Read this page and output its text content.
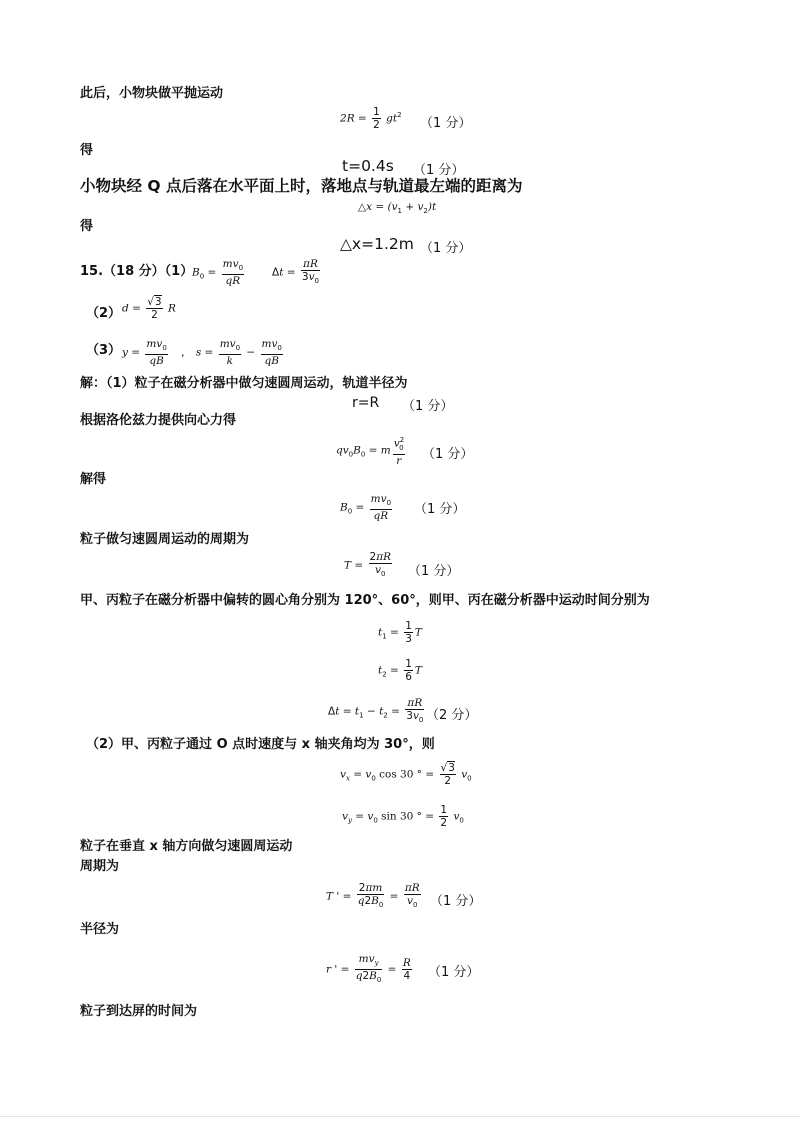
此后，小物块做平抛运动
$2R = \frac{1}{2} gt^2$
（1 分）
得
t=0.4s （1 分）
小物块经 Q 点后落在水平面上时，落地点与轨道最左端的距离为
△x = $(v_1 + v_2)t$
得
△x=1.2m （1 分）
15.（18 分）（1）
$B_0 = \frac{mv_0}{qR}$	$\Delta t = \frac{\pi R}{3v_0}$
（2） $d = \frac{√3}{2}$ R
（3） $y = \frac{mv_0}{qB}$ , $s = \frac{mv_0}{k} - \frac{mv_0}{qB}$
解：（1）粒子在磁分析器中做匀速圆周运动，轨道半径为
r=R （1 分）
根据洛伦兹力提供向心力得
$qv_0B_0 = m \frac{v^2_0}{r} (1$ 分）
解得
$B_0 = \frac{mv_0}{qR} (1$ 分）
粒子做匀速圆周运动的周期为
$T = \frac{2\pi R}{v_0} (1$ 分）
甲、丙粒子在磁分析器中偏转的圆心角分别为 120°、60°，则甲、丙在磁分析器中运动时间分别为
$t_1 = \frac{1}{3}$ T
$t_2 = \frac{1}{6}$ T
$\Delta t = t_1 - t_2 = \frac{\pi R}{3v_0} (2$ 分）
（2）甲、丙粒子通过 O 点时速度与 x 轴夹角均为 30°，则
$v_x = v_0$ cos 30 ° = $\frac{√3}{2} v_0$
$v_y = v_0$ sin 30 ° = $\frac{1}{2} v_0$
粒子在垂直 x 轴方向做匀速圆周运动
周期为
T ' = $\frac{2\pi m}{q2B_0} = \frac{\pi R}{v_0} (1$ 分）
半径为
r ' = $\frac{mv_y}{q2B_0} = \frac{R}{4} (1$ 分）
粒子到达屏的时间为
